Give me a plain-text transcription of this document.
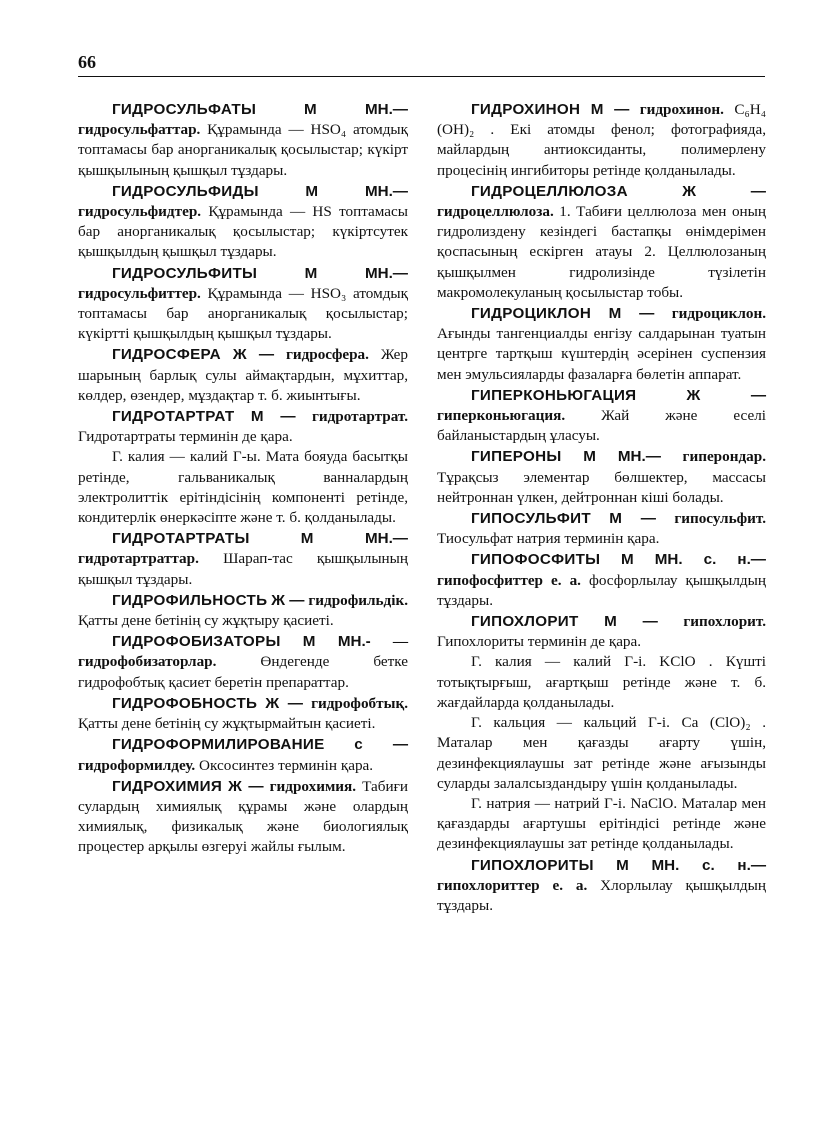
66

ГИДРОСУЛЬФАТЫ	М МН.— гидросульфаттар. Құрамында — HSO₄ атомдық топтамасы бар анорганикалық қосылыстар; күкірт қышқылының қышқыл тұздары.

ГИДРОСУЛЬФИДЫ	М МН.— гидросульфидтер. Құрамында — HS топтамасы бар анорганикалық қосылыстар; күкіртсутек қышқылдың қышқыл тұздары.

ГИДРОСУЛЬФИТЫ	М МН.— гидросульфиттер. Құрамында — HSO₃ атомдық топтамасы бар анорганикалық қосылыстар; күкіртті қышқылдың қышқыл тұздары.

ГИДРОСФЕРА Ж — гидросфера. Жер шарының барлық сулы аймақтардын, мұхиттар, көлдер, өзендер, мұздақтар т. б. жиынтығы.

ГИДРОТАРТРАТ М — гидротартрат. Гидротартраты терминін де қара.

Г. калия — калий Г-ы. Мата бояуда басытқы ретінде, гальваникалық ванналардың электролиттік ерітіндісінің компоненті ретінде, кондитерлік өнеркәсіпте және т. б. қолданылады.

ГИДРОТАРТРАТЫ	М МН.— гидротартраттар. Шарап-тас қышқылының қышқыл тұздары.

ГИДРОФИЛЬНОСТЬ Ж — гидрофильдік. Қатты дене бетінің су жұқтыру қасиеті.

ГИДРОФОБИЗАТОРЫ М МН.- — гидрофобизаторлар.	Өндегенде бетке гидрофобтық қасиет беретін препараттар.

ГИДРОФОБНОСТЬ Ж — гидрофобтық. Қатты дене бетінің су жұқтырмайтын қасиеті.

ГИДРОФОРМИЛИРОВАНИЕ с — гидроформилдеу. Оксосинтез терминін қара.

ГИДРОХИМИЯ Ж — гидрохимия. Табиғи сулардың химиялық құрамы және олардың химиялық, физикалық және биологиялық процестер арқылы өзгеруі жайлы ғылым.

ГИДРОХИНОН М — гидрохинон. C₆H₄ (OH)₂ . Екі атомды фенол; фотографияда, майлардың антиоксиданты, полимерлену процесінің ингибиторы ретінде қолданылады.

ГИДРОЦЕЛЛЮЛОЗА	Ж — гидроцеллюлоза. 1. Табиғи целлюлоза мен оның гидролиздену кезіндегі бастапқы өнімдерімен қоспасының ескірген атауы 2. Целлюлозаның қышқылмен гидролизінде түзілетін макромолекуланың қосылыстар тобы.

ГИДРОЦИКЛОН М — гидроциклон. Ағынды тангенциалды енгізу салдарынан туатын центрге тартқыш күштердің әсерінен суспензия мен эмульсияларды фазаларға бөлетін аппарат.

ГИПЕРКОНЬЮГАЦИЯ	Ж — гиперконьюгация. Жай және еселі байланыстардың ұласуы.

ГИПЕРОНЫ М МН.— гиперондар. Тұрақсыз элементар бөлшектер, массасы нейтроннан үлкен, дейтроннан кіші болады.

ГИПОСУЛЬФИТ М — гипосульфит. Тиосульфат натрия терминін қара.

ГИПОФОСФИТЫ М МН. с. н.— гипофосфиттер е. а. фосфорлылау қышқылдың тұздары.

ГИПОХЛОРИТ М — гипохлорит. Гипохлориты терминін де қара.

Г. калия — калий Г-і. KClO . Күшті тотықтырғыш, ағартқыш ретінде және т. б. жағдайларда қолданылады.

Г. кальция — кальций Г-і. Ca (ClO)₂ . Маталар мен қағазды ағарту үшін, дезинфекциялаушы зат ретінде және ағызынды суларды залалсыздандыру үшін қолданылады.

Г. натрия — натрий Г-і. NaClO. Маталар мен қағаздарды ағартушы ерітіндісі ретінде және дезинфекциялаушы зат ретінде қолданылады.

ГИПОХЛОРИТЫ М МН. с. н.— гипохлориттер е. а. Хлорлылау қышқылдың тұздары.
